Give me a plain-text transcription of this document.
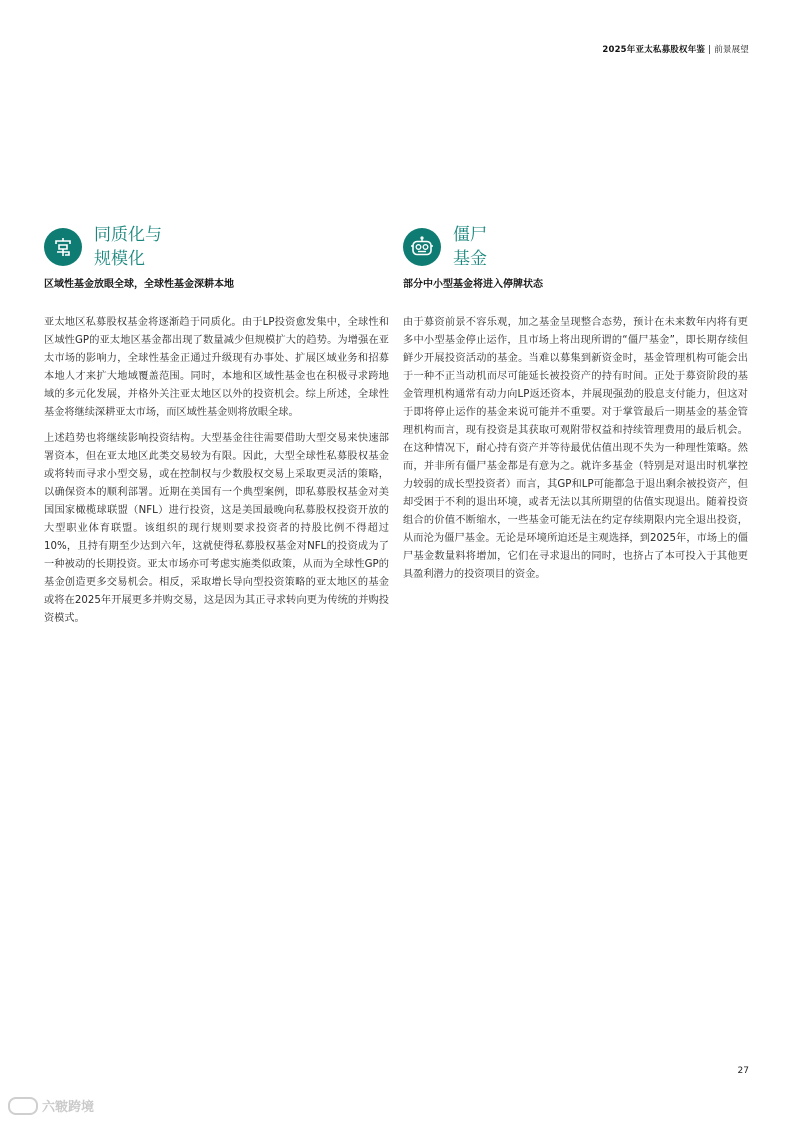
2025年亚太私募股权年鉴 | 前景展望
同质化与
规模化
区域性基金放眼全球，全球性基金深耕本地
亚太地区私募股权基金将逐渐趋于同质化。由于LP投资愈发集中，全球性和区域性GP的亚太地区基金都出现了数量减少但规模扩大的趋势。为增强在亚太市场的影响力，全球性基金正通过升级现有办事处、扩展区域业务和招募本地人才来扩大地域覆盖范围。同时，本地和区域性基金也在积极寻求跨地域的多元化发展，并格外关注亚太地区以外的投资机会。综上所述，全球性基金将继续深耕亚太市场，而区域性基金则将放眼全球。
上述趋势也将继续影响投资结构。大型基金往往需要借助大型交易来快速部署资本，但在亚太地区此类交易较为有限。因此，大型全球性私募股权基金或将转而寻求小型交易，或在控制权与少数股权交易上采取更灵活的策略，以确保资本的顺利部署。近期在美国有一个典型案例，即私募股权基金对美国国家橄榄球联盟（NFL）进行投资，这是美国最晚向私募股权投资开放的大型职业体育联盟。该组织的现行规则要求投资者的持股比例不得超过10%，且持有期至少达到六年，这就使得私募股权基金对NFL的投资成为了一种被动的长期投资。亚太市场亦可考虑实施类似政策，从而为全球性GP的基金创造更多交易机会。相反，采取增长导向型投资策略的亚太地区的基金或将在2025年开展更多并购交易，这是因为其正寻求转向更为传统的并购投资模式。
僵尸
基金
部分中小型基金将进入停牌状态
由于募资前景不容乐观，加之基金呈现整合态势，预计在未来数年内将有更多中小型基金停止运作，且市场上将出现所谓的“僵尸基金”，即长期存续但鲜少开展投资活动的基金。当难以募集到新资金时，基金管理机构可能会出于一种不正当动机而尽可能延长被投资产的持有时间。正处于募资阶段的基金管理机构通常有动力向LP返还资本，并展现强劲的股息支付能力，但这对于即将停止运作的基金来说可能并不重要。对于掌管最后一期基金的基金管理机构而言，现有投资是其获取可观附带权益和持续管理费用的最后机会。在这种情况下，耐心持有资产并等待最优估值出现不失为一种理性策略。然而，并非所有僵尸基金都是有意为之。就许多基金（特别是对退出时机掌控力较弱的成长型投资者）而言，其GP和LP可能都急于退出剩余被投资产，但却受困于不利的退出环境，或者无法以其所期望的估值实现退出。随着投资组合的价值不断缩水，一些基金可能无法在约定存续期限内完全退出投资，从而沦为僵尸基金。无论是环境所迫还是主观选择，到2025年，市场上的僵尸基金数量料将增加，它们在寻求退出的同时，也挤占了本可投入于其他更具盈利潜力的投资项目的资金。
27
六皲跨境
